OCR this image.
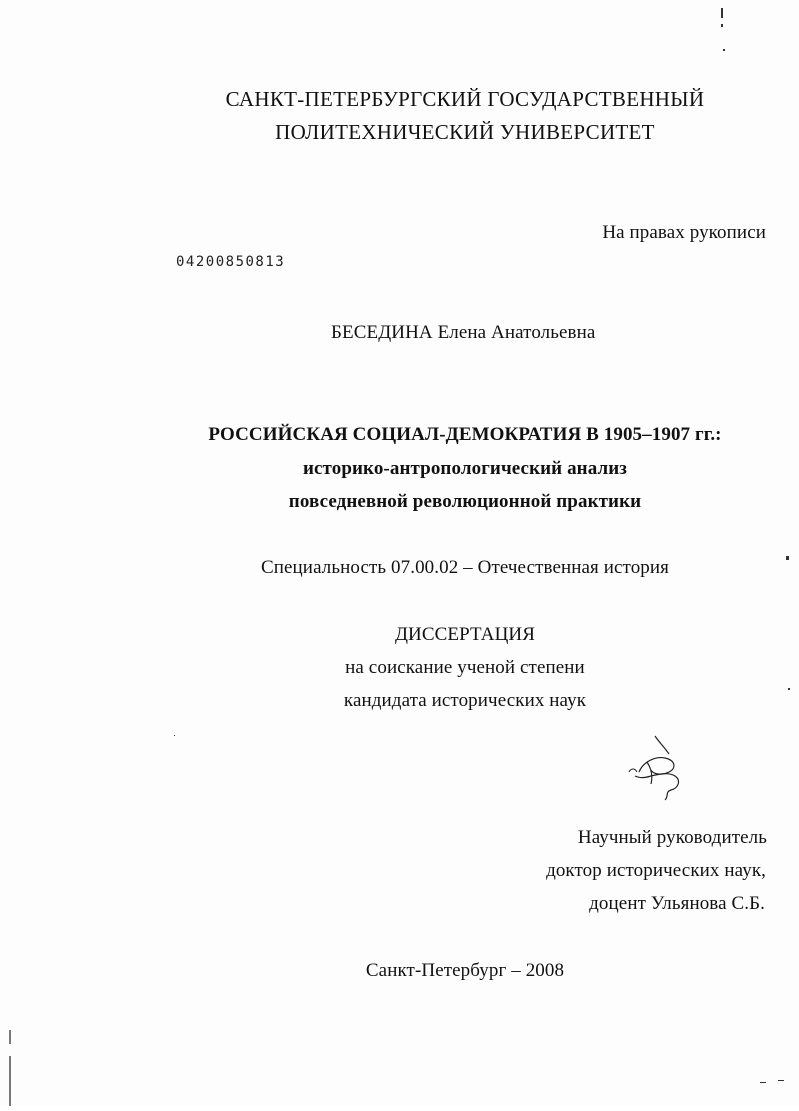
САНКТ-ПЕТЕРБУРГСКИЙ ГОСУДАРСТВЕННЫЙ
ПОЛИТЕХНИЧЕСКИЙ УНИВЕРСИТЕТ
На правах рукописи
04200850813
БЕСЕДИНА Елена Анатольевна
РОССИЙСКАЯ СОЦИАЛ-ДЕМОКРАТИЯ В 1905–1907 гг.:
историко-антропологический анализ
повседневной революционной практики
Специальность 07.00.02 – Отечественная история
ДИССЕРТАЦИЯ
на соискание ученой степени
кандидата исторических наук
Научный руководитель
доктор исторических наук,
доцент Ульянова С.Б.
Санкт-Петербург – 2008
